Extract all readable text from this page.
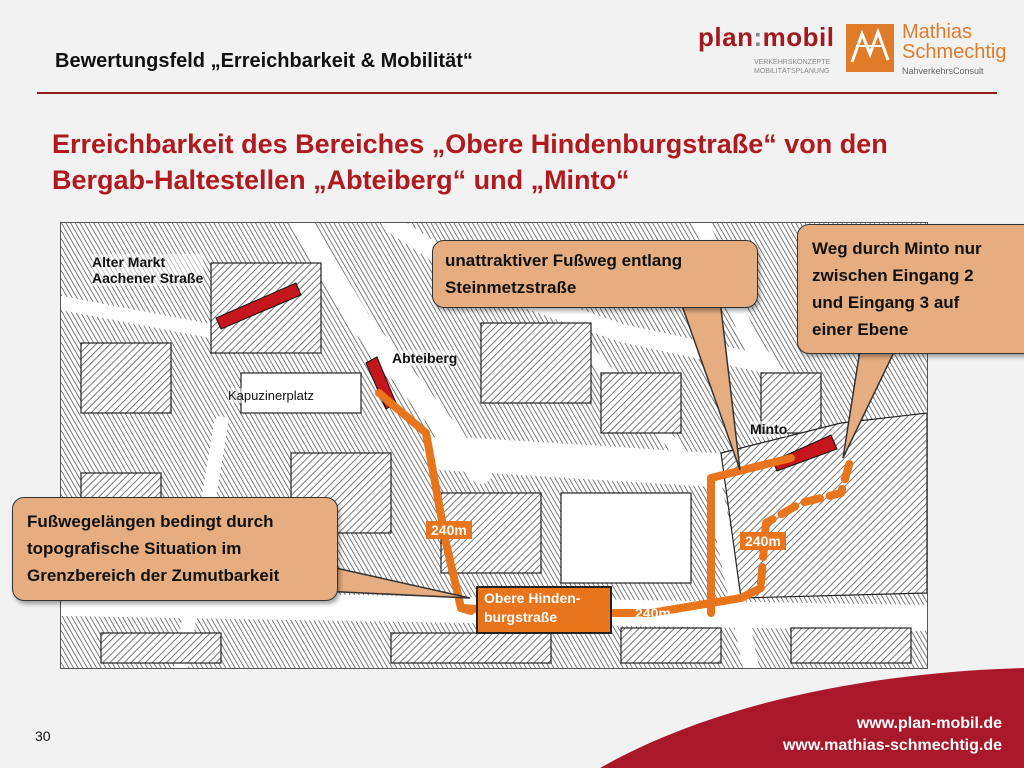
Bewertungsfeld „Erreichbarkeit & Mobilität“
plan:mobil
VERKEHRSKONZEPTE
MOBILITÄTSPLANUNG
Mathias
Schmechtig
NahverkehrsConsult
Erreichbarkeit des Bereiches „Obere Hindenburgstraße“ von den
Bergab-Haltestellen „Abteiberg“ und „Minto“
Alter Markt
Aachener Straße
Abteiberg
Minto
Kapuzinerplatz
240m
240m
240m
Obere Hinden-
burgstraße
unattraktiver Fußweg entlang
Steinmetzstraße
Weg durch Minto nur
zwischen Eingang 2
und Eingang 3 auf
einer Ebene
Fußwegelängen bedingt durch
topografische Situation im
Grenzbereich der Zumutbarkeit
30
www.plan-mobil.de
www.mathias-schmechtig.de
